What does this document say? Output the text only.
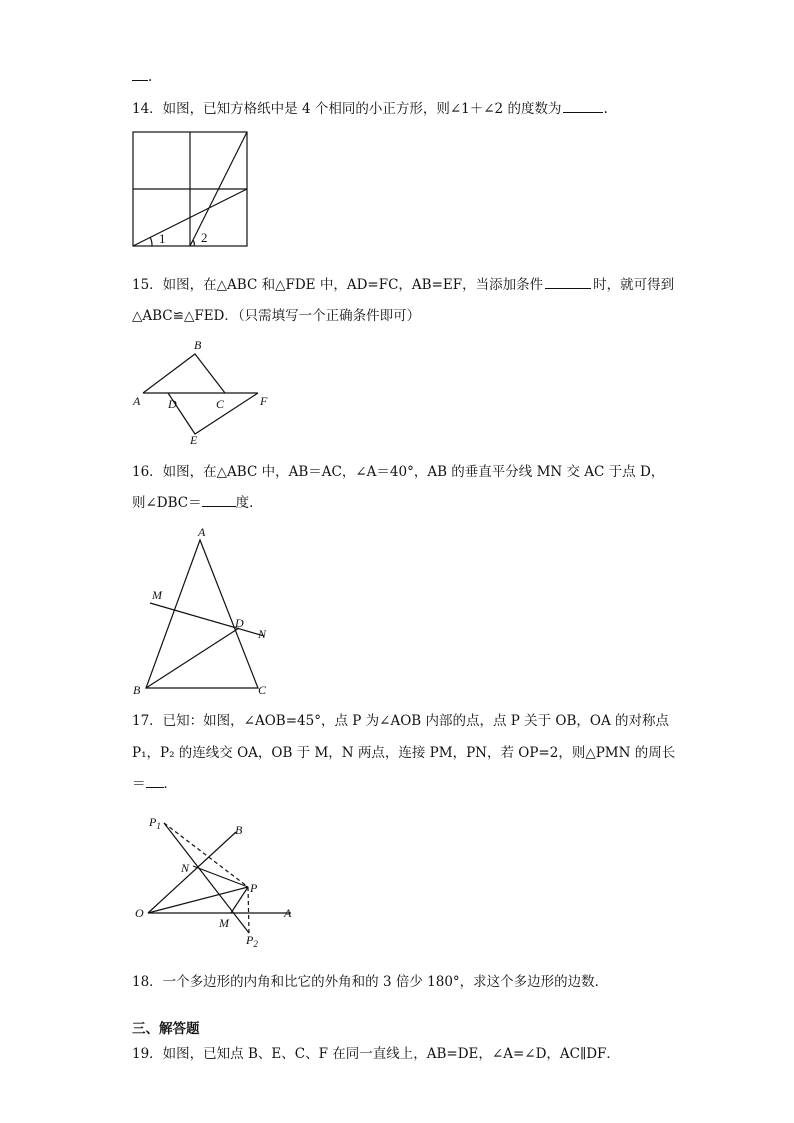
.
14．如图，已知方格纸中是 4 个相同的小正方形，则∠1＋∠2 的度数为	.
1	2
15．如图，在△ABC 和△FDE 中，AD=FC，AB=EF，当添加条件	时，就可得到
△ABC≌△FED．（只需填写一个正确条件即可）
B
A D	C	F
E
16．如图，在△ABC 中，AB＝AC，∠A＝40°，AB 的垂直平分线 MN 交 AC 于点 D，
则∠DBC＝	度．
A
M
D
N
B	C
17．已知：如图，∠AOB=45°，点 P 为∠AOB 内部的点，点 P 关于 OB，OA 的对称点
P₁，P₂ 的连线交 OA，OB 于 M，N 两点，连接 PM，PN，若 OP=2，则△PMN 的周长
＝ ．
$P_1$	B
N
P
O
M
A
$P_2$
18．一个多边形的内角和比它的外角和的 3 倍少 180°，求这个多边形的边数．
三、解答题
19．如图，已知点 B、E、C、F 在同一直线上，AB=DE，∠A=∠D，AC∥DF．
